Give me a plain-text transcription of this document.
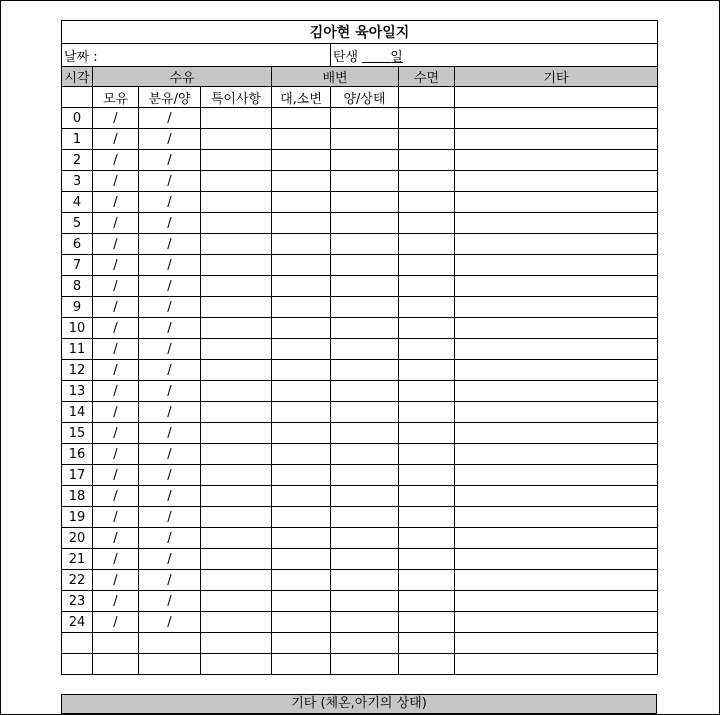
김아현 육아일지							
날짜 :					탄생 일		
시각	수유			배변		수면	기타
	모유	분유/양	특이사항	대,소변	양/상태		
0	/	/					
1	/	/					
2	/	/					
3	/	/					
4	/	/					
5	/	/					
6	/	/					
7	/	/					
8	/	/					
9	/	/					
10	/	/					
11	/	/					
12	/	/					
13	/	/					
14	/	/					
15	/	/					
16	/	/					
17	/	/					
18	/	/					
19	/	/					
20	/	/					
21	/	/					
22	/	/					
23	/	/					
24	/	/					

기타 (체온,아기의 상태)
